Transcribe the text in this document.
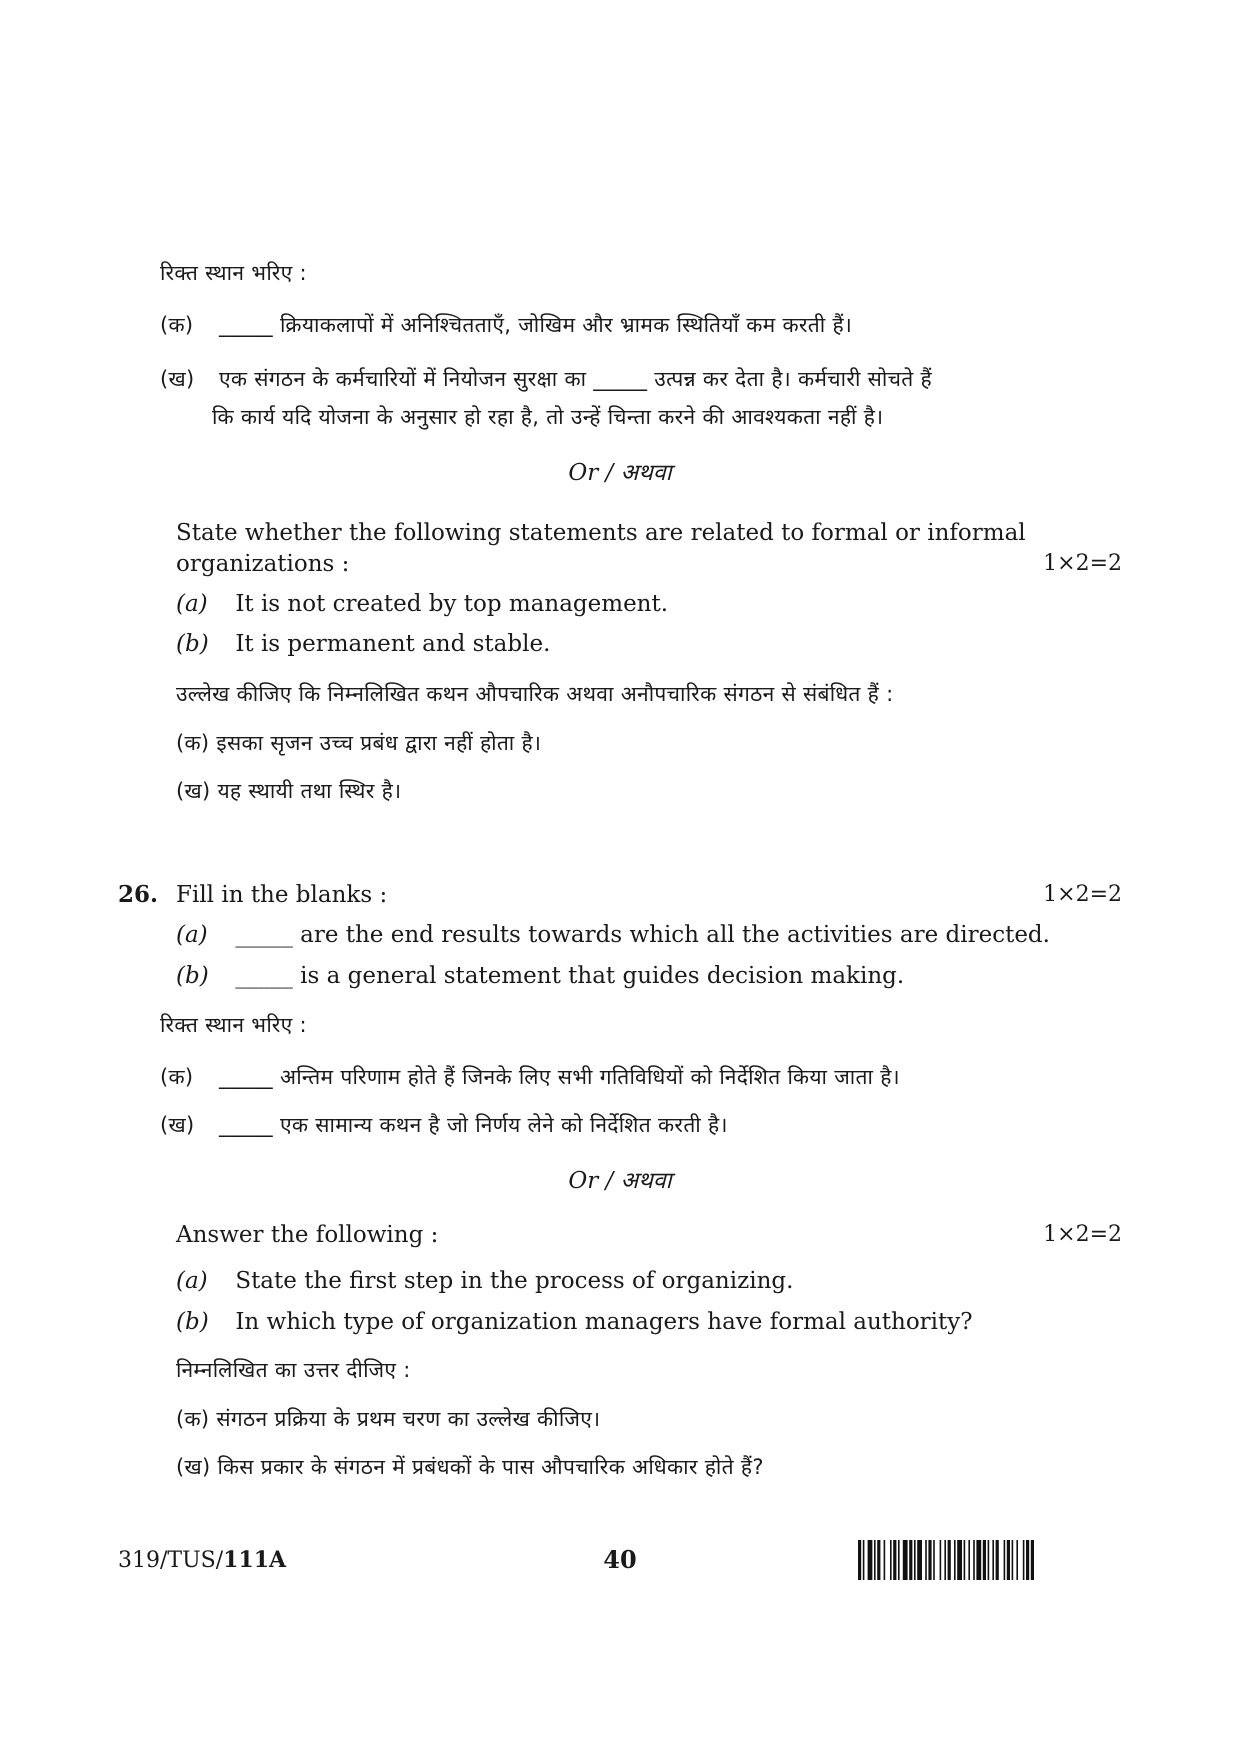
रिक्त स्थान भरिए :
(क) _____ क्रियाकलापों में अनिश्चितताएँ, जोखिम और भ्रामक स्थितियाँ कम करती हैं।
(ख) एक संगठन के कर्मचारियों में नियोजन सुरक्षा का _____ उत्पन्न कर देता है। कर्मचारी सोचते हैं
कि कार्य यदि योजना के अनुसार हो रहा है, तो उन्हें चिन्ता करने की आवश्यकता नहीं है।
Or / अथवा
State whether the following statements are related to formal or informal
organizations :	1×2=2
(a) It is not created by top management.
(b) It is permanent and stable.
उल्लेख कीजिए कि निम्नलिखित कथन औपचारिक अथवा अनौपचारिक संगठन से संबंधित हैं :
(क) इसका सृजन उच्च प्रबंध द्वारा नहीं होता है।
(ख) यह स्थायी तथा स्थिर है।
26. Fill in the blanks :	1×2=2
(a) _____ are the end results towards which all the activities are directed.
(b) _____ is a general statement that guides decision making.
रिक्त स्थान भरिए :
(क) _____ अन्तिम परिणाम होते हैं जिनके लिए सभी गतिविधियों को निर्देशित किया जाता है।
(ख) _____ एक सामान्य कथन है जो निर्णय लेने को निर्देशित करती है।
Or / अथवा
Answer the following :	1×2=2
(a) State the first step in the process of organizing.
(b) In which type of organization managers have formal authority?
निम्नलिखित का उत्तर दीजिए :
(क) संगठन प्रक्रिया के प्रथम चरण का उल्लेख कीजिए।
(ख) किस प्रकार के संगठन में प्रबंधकों के पास औपचारिक अधिकार होते हैं?
319/TUS/111A	40
